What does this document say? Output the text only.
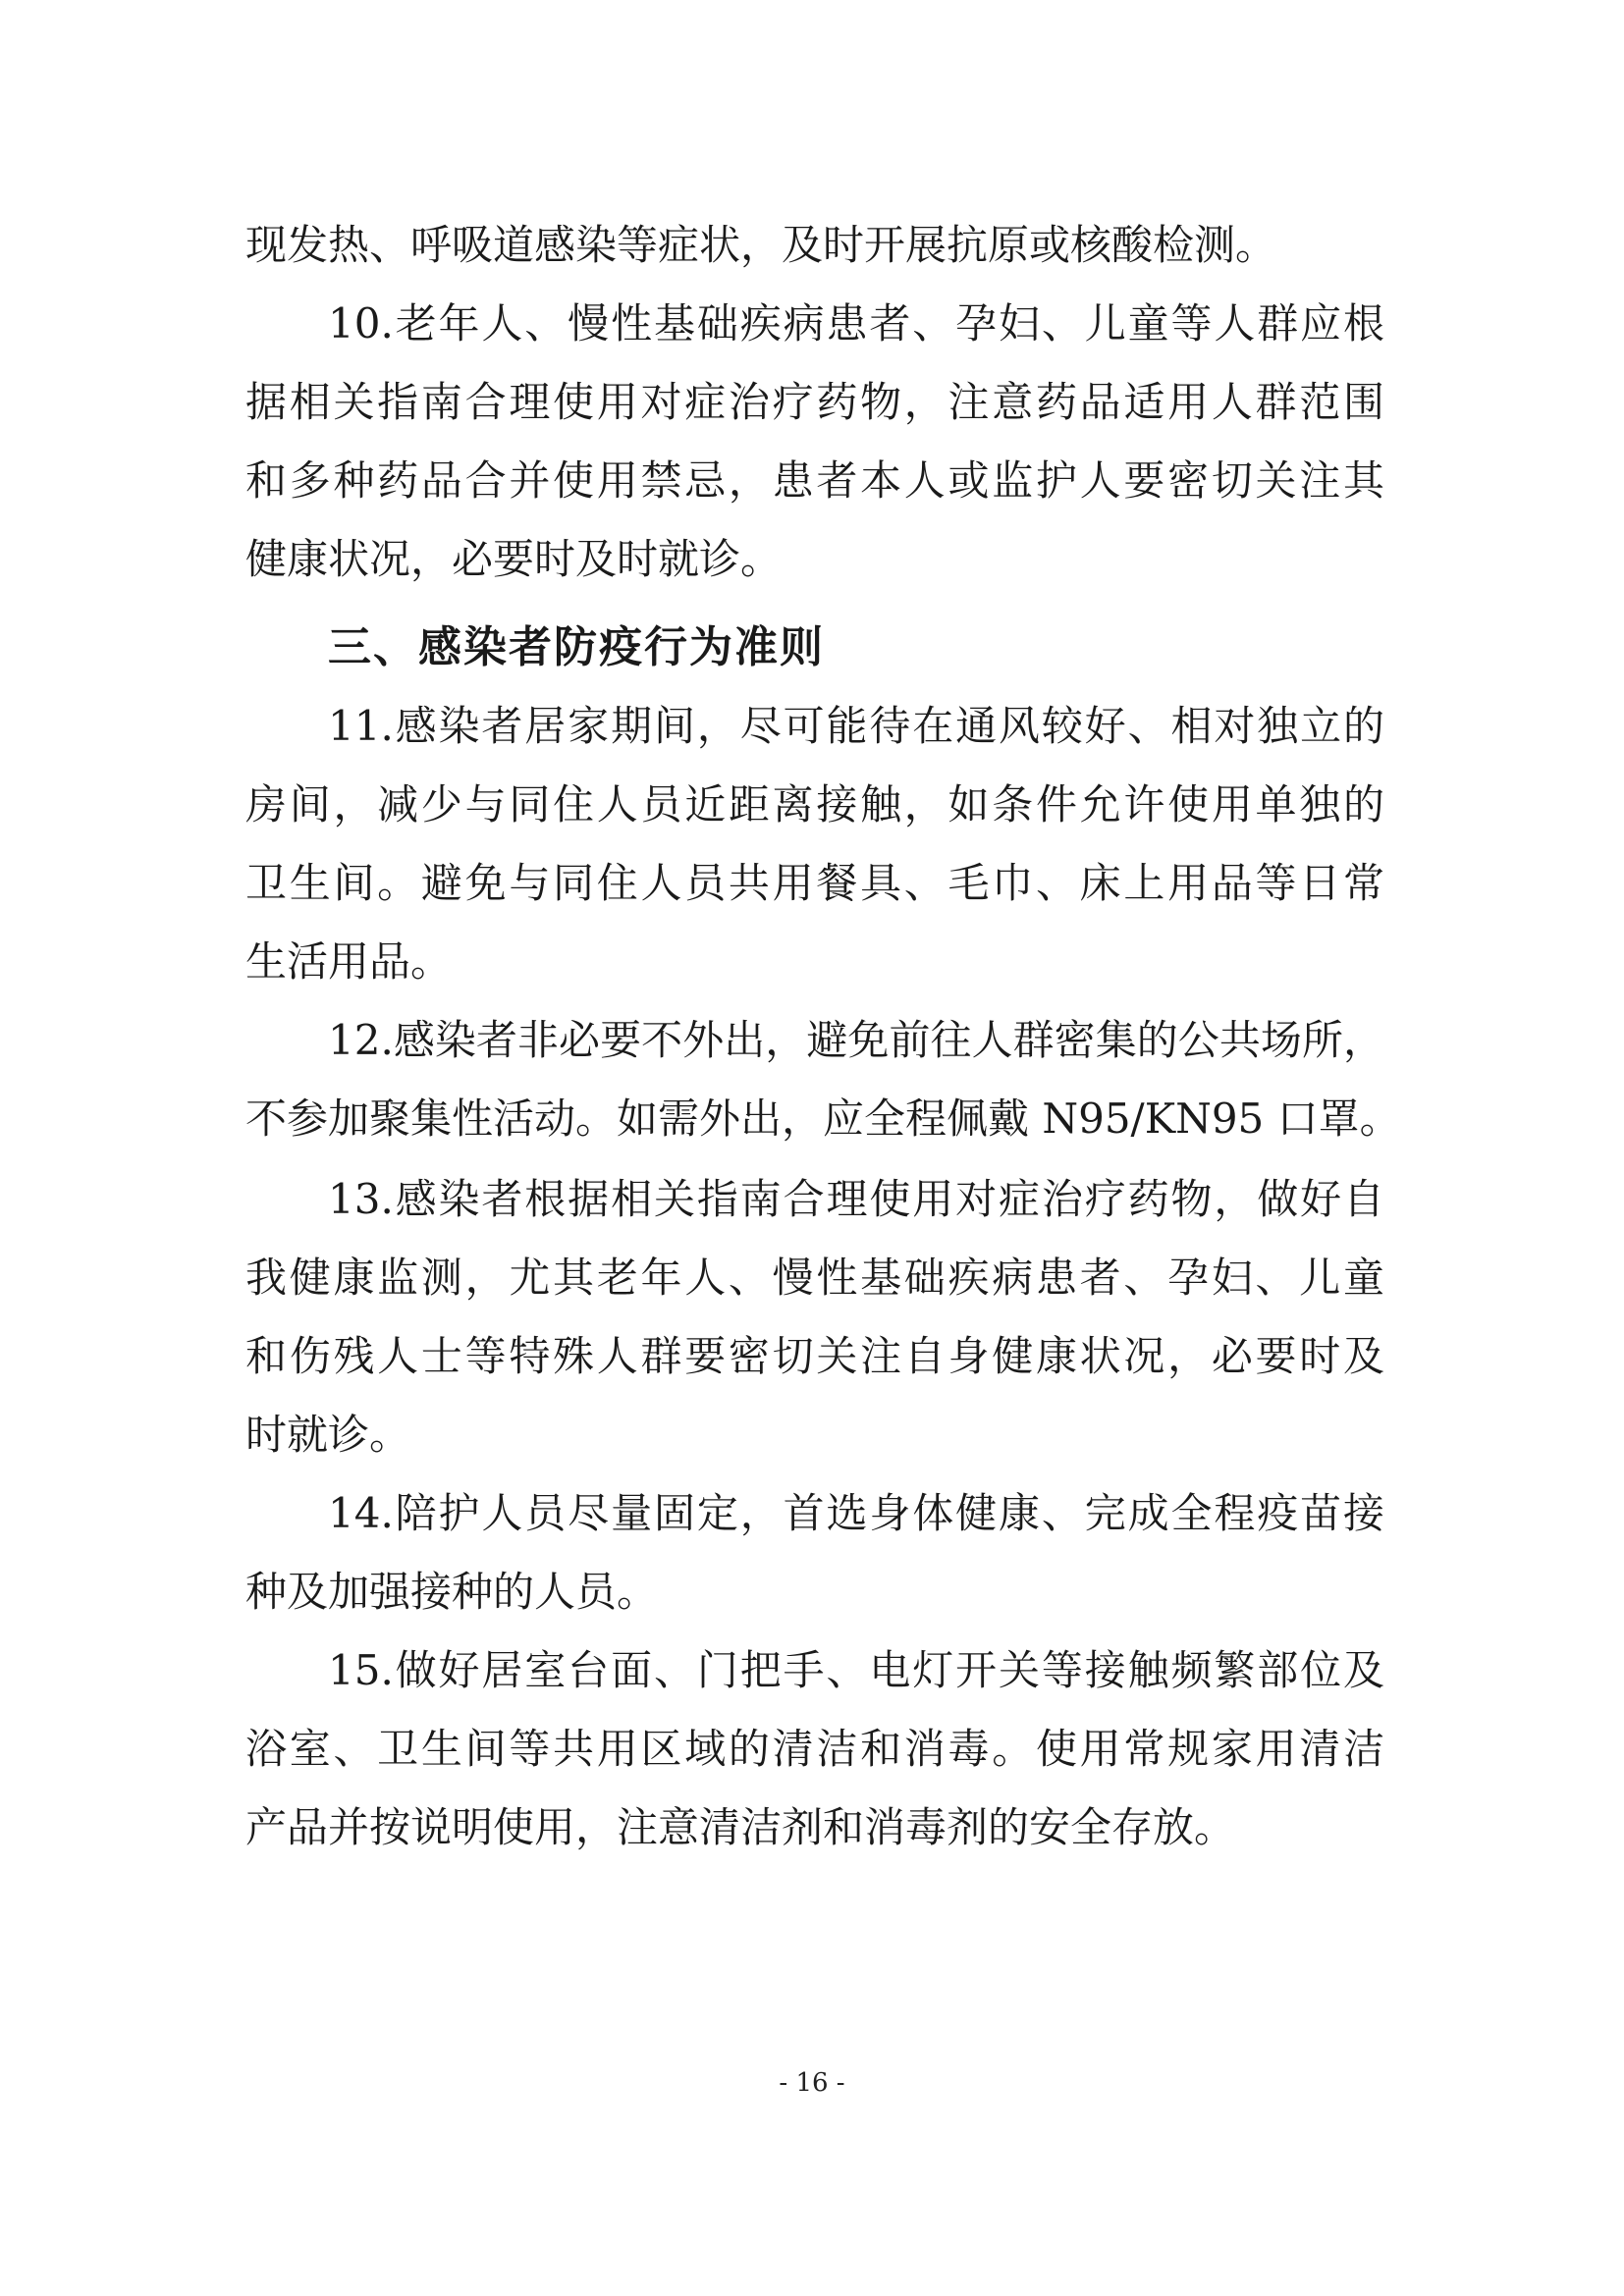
现发热、呼吸道感染等症状，及时开展抗原或核酸检测。
10.老年人、慢性基础疾病患者、孕妇、儿童等人群应根
据相关指南合理使用对症治疗药物，注意药品适用人群范围
和多种药品合并使用禁忌，患者本人或监护人要密切关注其
健康状况，必要时及时就诊。
三、感染者防疫行为准则
11.感染者居家期间，尽可能待在通风较好、相对独立的
房间，减少与同住人员近距离接触，如条件允许使用单独的
卫生间。避免与同住人员共用餐具、毛巾、床上用品等日常
生活用品。
12.感染者非必要不外出，避免前往人群密集的公共场所，
不参加聚集性活动。如需外出，应全程佩戴 N95/KN95 口罩。
13.感染者根据相关指南合理使用对症治疗药物，做好自
我健康监测，尤其老年人、慢性基础疾病患者、孕妇、儿童
和伤残人士等特殊人群要密切关注自身健康状况，必要时及
时就诊。
14.陪护人员尽量固定，首选身体健康、完成全程疫苗接
种及加强接种的人员。
15.做好居室台面、门把手、电灯开关等接触频繁部位及
浴室、卫生间等共用区域的清洁和消毒。使用常规家用清洁
产品并按说明使用，注意清洁剂和消毒剂的安全存放。
- 16 -
